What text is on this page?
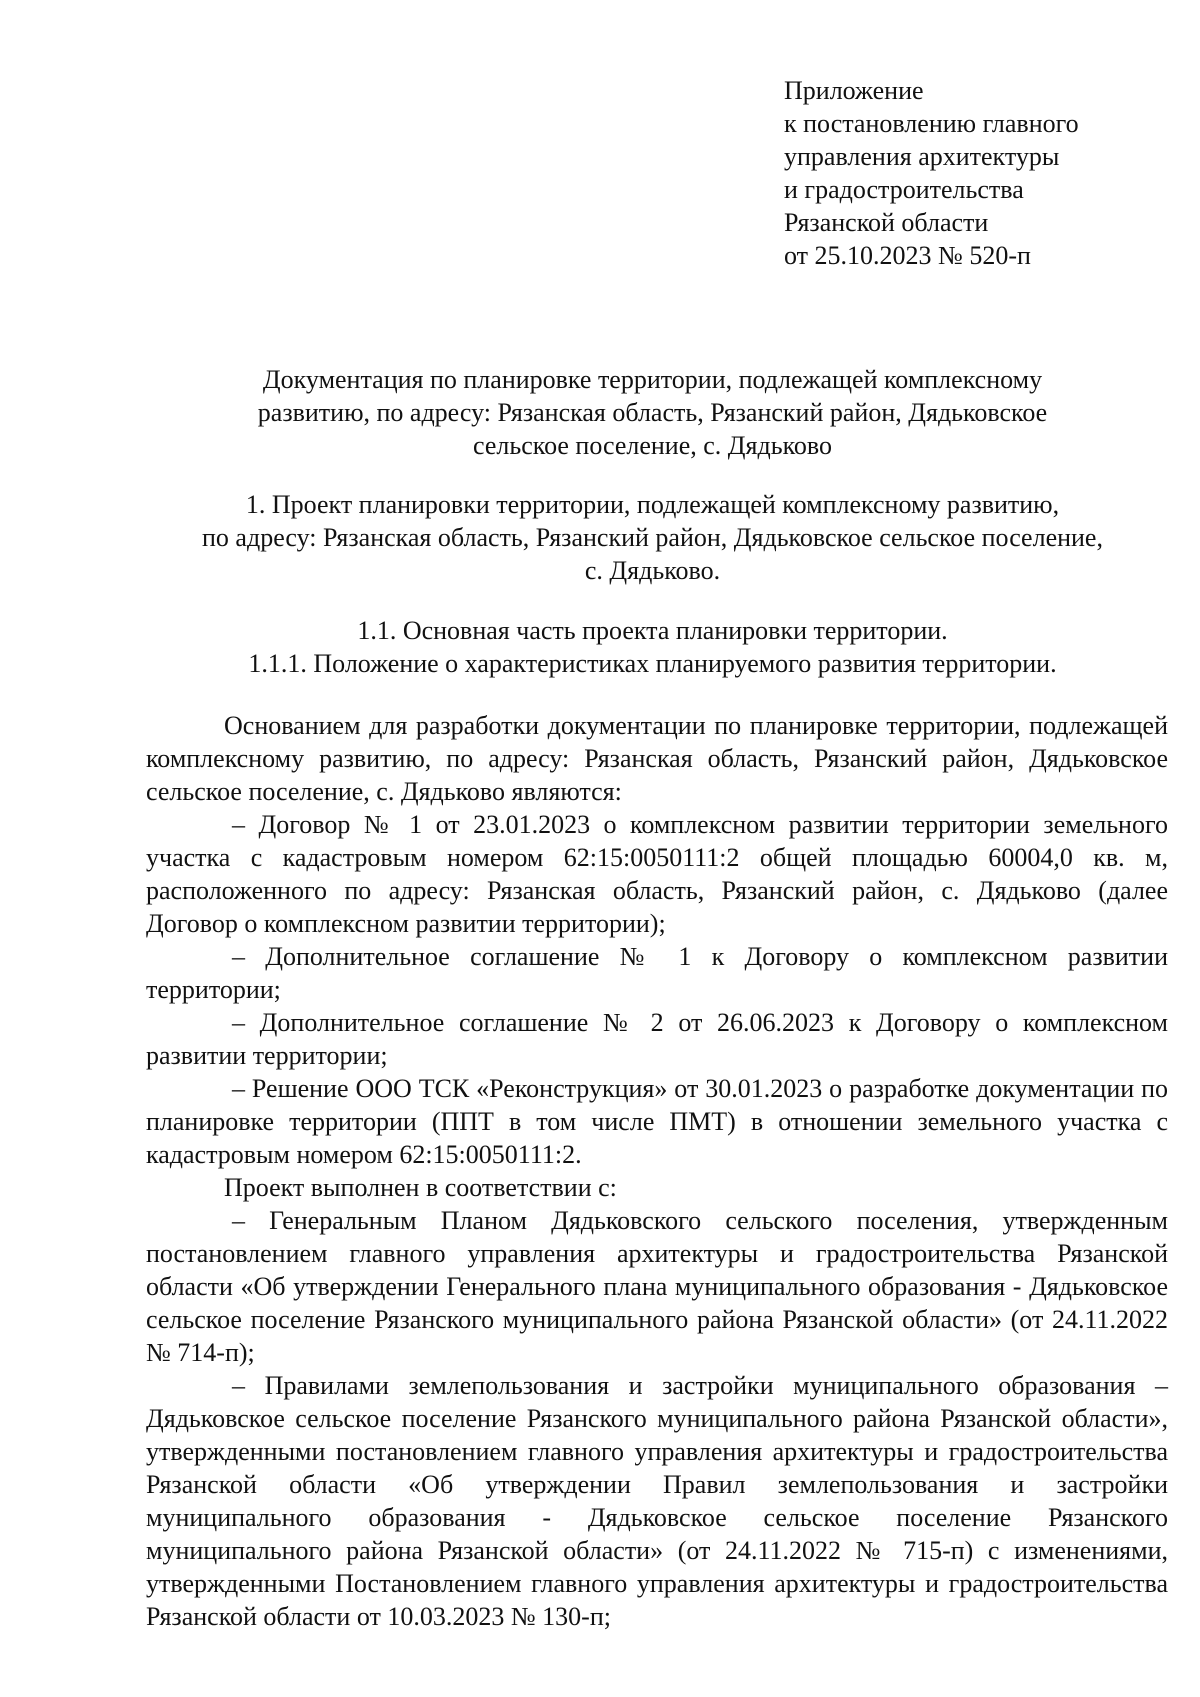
Приложение
к постановлению главного
управления архитектуры
и градостроительства
Рязанской области
от 25.10.2023 № 520-п
Документация по планировке территории, подлежащей комплексному
развитию, по адресу: Рязанская область, Рязанский район, Дядьковское
сельское поселение, с. Дядьково
1. Проект планировки территории, подлежащей комплексному развитию,
по адресу: Рязанская область, Рязанский район, Дядьковское сельское поселение,
с. Дядьково.
1.1. Основная часть проекта планировки территории.
1.1.1. Положение о характеристиках планируемого развития территории.

Основанием для разработки документации по планировке территории, подлежащей комплексному развитию, по адресу: Рязанская область, Рязанский район, Дядьковское сельское поселение, с. Дядьково являются:

– Договор № 1 от 23.01.2023 о комплексном развитии территории земельного участка с кадастровым номером 62:15:0050111:2 общей площадью 60004,0 кв. м, расположенного по адресу: Рязанская область, Рязанский район, с. Дядьково (далее Договор о комплексном развитии территории);

– Дополнительное соглашение № 1 к Договору о комплексном развитии территории;

– Дополнительное соглашение № 2 от 26.06.2023 к Договору о комплексном развитии территории;

– Решение ООО ТСК «Реконструкция» от 30.01.2023 о разработке документации по планировке территории (ППТ в том числе ПМТ) в отношении земельного участка с кадастровым номером 62:15:0050111:2.

Проект выполнен в соответствии с:

– Генеральным Планом Дядьковского сельского поселения, утвержденным постановлением главного управления архитектуры и градостроительства Рязанской области «Об утверждении Генерального плана муниципального образования - Дядьковское сельское поселение Рязанского муниципального района Рязанской области» (от 24.11.2022 № 714-п);

– Правилами землепользования и застройки муниципального образования – Дядьковское сельское поселение Рязанского муниципального района Рязанской области», утвержденными постановлением главного управления архитектуры и градостроительства Рязанской области «Об утверждении Правил землепользования и застройки муниципального образования - Дядьковское сельское поселение Рязанского муниципального района Рязанской области» (от 24.11.2022 № 715-п) с изменениями, утвержденными Постановлением главного управления архитектуры и градостроительства Рязанской области от 10.03.2023 № 130-п;
